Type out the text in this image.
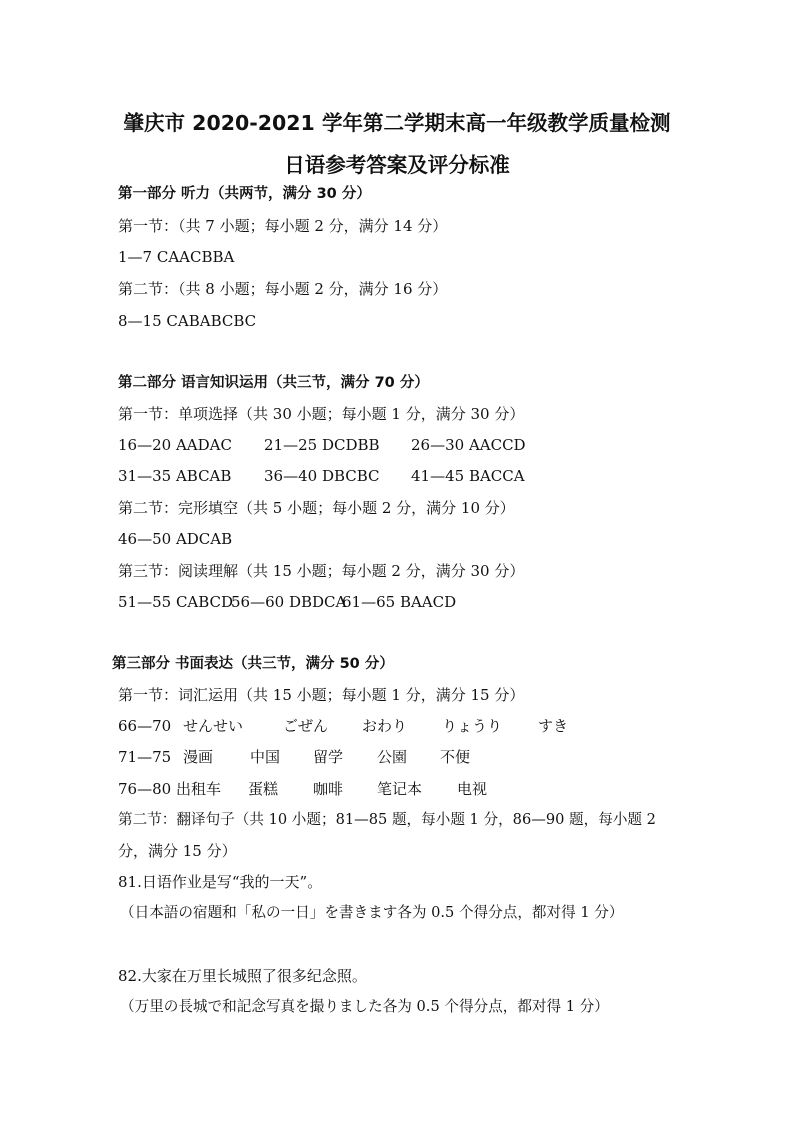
肇庆市 2020-2021 学年第二学期末高一年级教学质量检测
日语参考答案及评分标准
第一部分 听力（共两节，满分 30 分）
第一节：（共 7 小题；每小题 2 分，满分 14 分）
1—7 CAACBBA
第二节：（共 8 小题；每小题 2 分，满分 16 分）
8—15 CABABCBC
第二部分 语言知识运用（共三节，满分 70 分）
第一节：单项选择（共 30 小题；每小题 1 分，满分 30 分）
16—20 AADAC 21—25 DCDBB 26—30 AACCD
31—35 ABCAB 36—40 DBCBC 41—45 BACCA
第二节：完形填空（共 5 小题；每小题 2 分，满分 10 分）
46—50 ADCAB
第三节：阅读理解（共 15 小题；每小题 2 分，满分 30 分）
51—55 CABCD
56—60 DBDCA
61—65 BAACD
第三部分 书面表达（共三节，满分 50 分）
第一节：词汇运用（共 15 小题；每小题 1 分，满分 15 分）
66—70 せんせい	ごぜん おわり りょうり すき
71—75 漫画 中国 留学 公園 不便
76—80 出租车 蛋糕 咖啡 笔记本 电视
第二节：翻译句子（共 10 小题；81—85 题，每小题 1 分，86—90 题，每小题 2
分，满分 15 分）
81.日语作业是写“我的一天”。
（日本語の宿題和「私の一日」を書きます各为 0.5 个得分点，都对得 1 分）
82.大家在万里长城照了很多纪念照。
（万里の長城で和記念写真を撮りました各为 0.5 个得分点，都对得 1 分）
